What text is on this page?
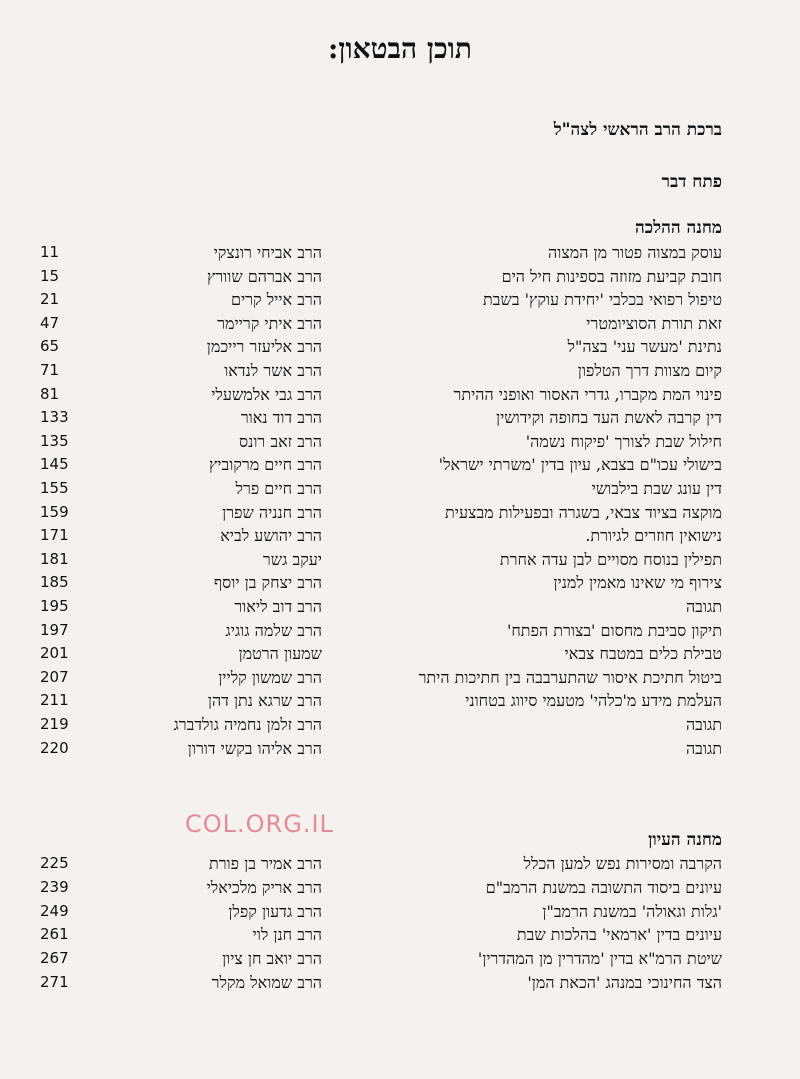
תוכן הבטאון:
ברכת הרב הראשי לצה"ל
פתח דבר
מחנה ההלכה
עוסק במצוה פטור מן המצוה
הרב אביחי רונצקי
11
חובת קביעת מזוזה בספינות חיל הים
הרב אברהם שוורץ
15
טיפול רפואי בכלבי 'יחידת עוקץ' בשבת
הרב אייל קרים
21
זאת תורת הסוציומטרי
הרב איתי קריימר
47
נתינת 'מעשר עני' בצה"ל
הרב אליעזר רייכמן
65
קיום מצוות דרך הטלפון
הרב אשר לנדאו
71
פינוי המת מקברו, גדרי האסור ואופני ההיתר
הרב גבי אלמשעלי
81
דין קרבה לאשת העד בחופה וקידושין
הרב דוד נאור
133
חילול שבת לצורך 'פיקוח נשמה'
הרב זאב רונס
135
בישולי עכו"ם בצבא, עיון בדין 'משרתי ישראל'
הרב חיים מרקוביץ
145
דין עונג שבת בילבושי
הרב חיים פרל
155
מוקצה בציוד צבאי, בשגרה ובפעילות מבצעית
הרב חנניה שפרן
159
נישואין חוזרים לגיורת.
הרב יהושע לביא
171
תפילין בנוסח מסויים לבן עדה אחרת
יעקב גשר
181
צירוף מי שאינו מאמין למנין
הרב יצחק בן יוסף
185
תגובה
הרב דוב ליאור
195
תיקון סביבת מחסום 'בצורת הפתח'
הרב שלמה גוגיג
197
טבילת כלים במטבח צבאי
שמעון הרטמן
201
ביטול חתיכת איסור שהתערבבה בין חתיכות היתר
הרב שמשון קליין
207
העלמת מידע מ'כלהי' מטעמי סיווג בטחוני
הרב שרגא נתן דהן
211
תגובה
הרב זלמן נחמיה גולדברג
219
תגובה
הרב אליהו בקשי דורון
220
COL.ORG.IL
מחנה העיון
הקרבה ומסירות נפש למען הכלל
הרב אמיר בן פורת
225
עיונים ביסוד התשובה במשנת הרמב"ם
הרב אריק מלכיאלי
239
'גלות וגאולה' במשנת הרמב"ן
הרב גדעון קפלן
249
עיונים בדין 'ארמאי' בהלכות שבת
הרב חנן לוי
261
שיטת הרמ"א בדין 'מהדרין מן המהדרין'
הרב יואב חן ציון
267
הצד החינוכי במנהג 'הכאת המן'
הרב שמואל מקלר
271
